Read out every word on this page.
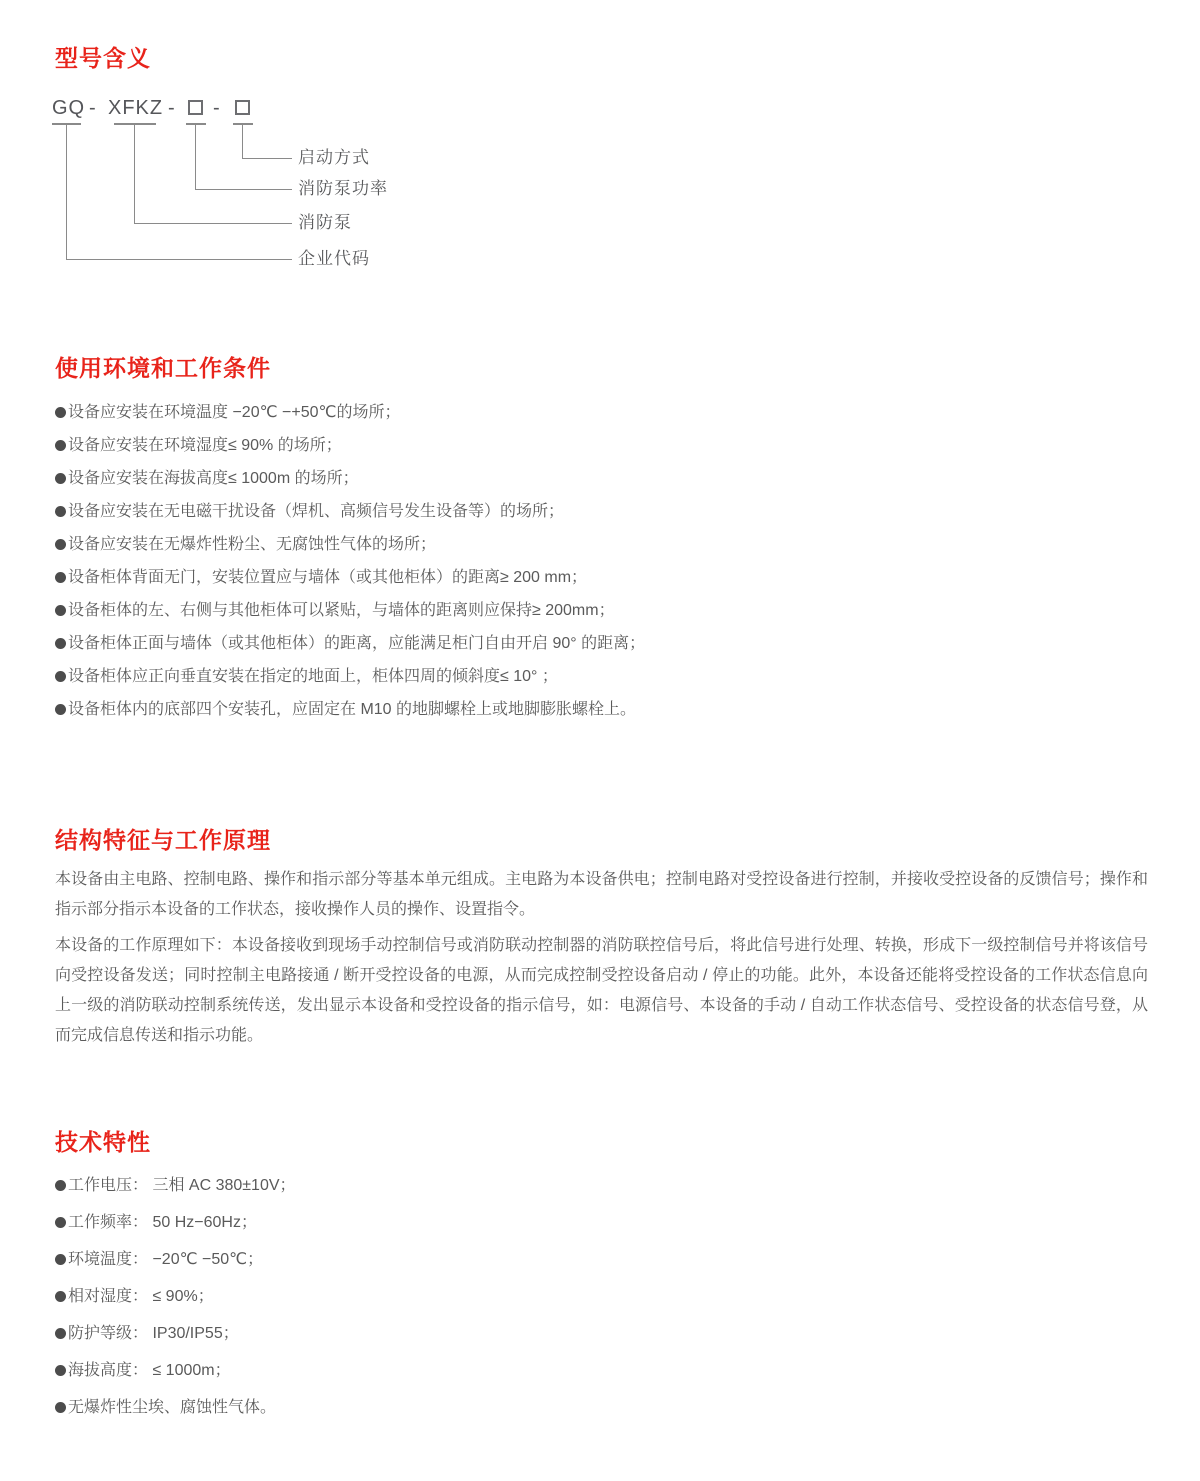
型号含义
GQ - XFKZ - -
启动方式
消防泵功率
消防泵
企业代码
使用环境和工作条件
设备应安装在环境温度 −20℃ −+50℃的场所；
设备应安装在环境湿度≤ 90% 的场所；
设备应安装在海拔高度≤ 1000m 的场所；
设备应安装在无电磁干扰设备（焊机、高频信号发生设备等）的场所；
设备应安装在无爆炸性粉尘、无腐蚀性气体的场所；
设备柜体背面无门，安装位置应与墙体（或其他柜体）的距离≥ 200 mm；
设备柜体的左、右侧与其他柜体可以紧贴，与墙体的距离则应保持≥ 200mm；
设备柜体正面与墙体（或其他柜体）的距离，应能满足柜门自由开启 90° 的距离；
设备柜体应正向垂直安装在指定的地面上，柜体四周的倾斜度≤ 10° ；
设备柜体内的底部四个安装孔，应固定在 M10 的地脚螺栓上或地脚膨胀螺栓上。
结构特征与工作原理

本设备由主电路、控制电路、操作和指示部分等基本单元组成。主电路为本设备供电；控制电路对受控设备进行控制，并接收受控设备的反馈信号；操作和指示部分指示本设备的工作状态，接收操作人员的操作、设置指令。

本设备的工作原理如下：本设备接收到现场手动控制信号或消防联动控制器的消防联控信号后，将此信号进行处理、转换，形成下一级控制信号并将该信号向受控设备发送；同时控制主电路接通 / 断开受控设备的电源，从而完成控制受控设备启动 / 停止的功能。此外，本设备还能将受控设备的工作状态信息向上一级的消防联动控制系统传送，发出显示本设备和受控设备的指示信号，如：电源信号、本设备的手动 / 自动工作状态信号、受控设备的状态信号登，从而完成信息传送和指示功能。

技术特性
工作电压： 三相 AC 380±10V；
工作频率： 50 Hz−60Hz；
环境温度： −20℃ −50℃；
相对湿度： ≤ 90%；
防护等级： IP30/IP55；
海拔高度： ≤ 1000m；
无爆炸性尘埃、腐蚀性气体。
